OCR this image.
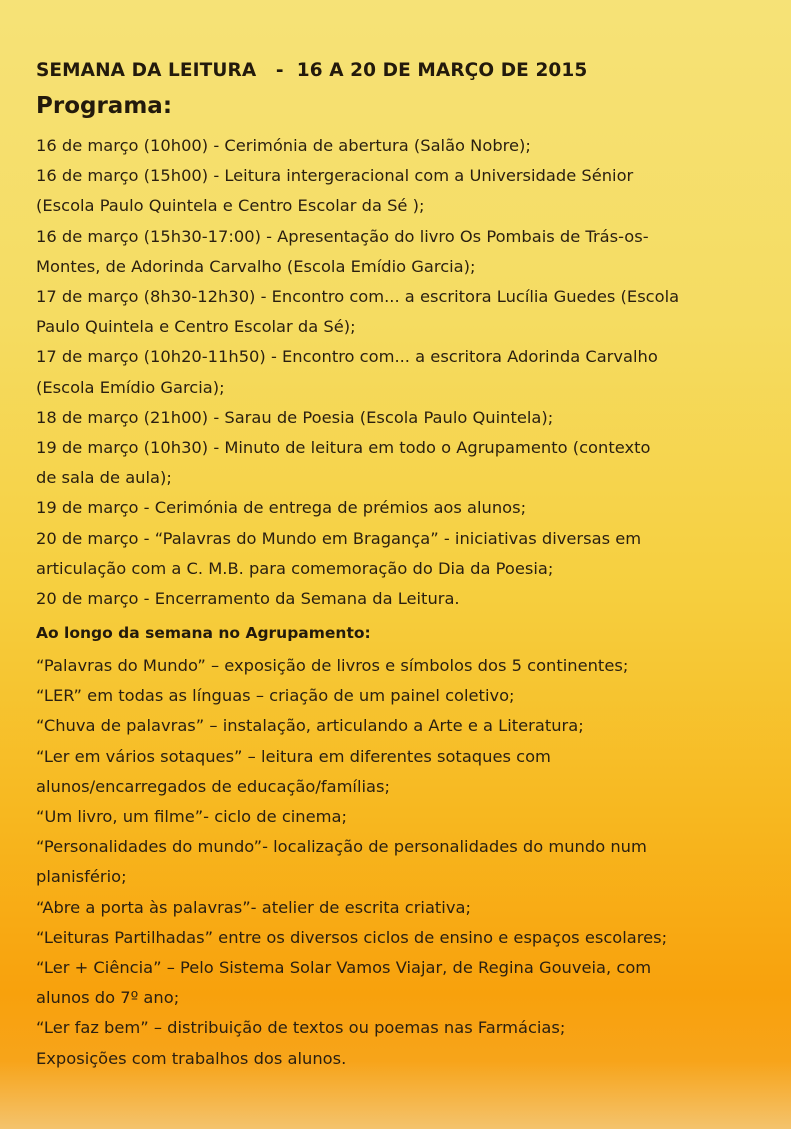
SEMANA DA LEITURA   -  16 A 20 DE MARÇO DE 2015
Programa:
16 de março (10h00) - Cerimónia de abertura (Salão Nobre);
16 de março (15h00) - Leitura intergeracional com a Universidade Sénior
(Escola Paulo Quintela e Centro Escolar da Sé );
16 de março (15h30-17:00) - Apresentação do livro Os Pombais de Trás-os-
Montes, de Adorinda Carvalho (Escola Emídio Garcia);
17 de março (8h30-12h30) - Encontro com... a escritora Lucília Guedes (Escola
Paulo Quintela e Centro Escolar da Sé);
17 de março (10h20-11h50) - Encontro com... a escritora Adorinda Carvalho
(Escola Emídio Garcia);
18 de março (21h00) - Sarau de Poesia (Escola Paulo Quintela);
19 de março (10h30) - Minuto de leitura em todo o Agrupamento (contexto
de sala de aula);
19 de março - Cerimónia de entrega de prémios aos alunos;
20 de março - “Palavras do Mundo em Bragança” - iniciativas diversas em
articulação com a C. M.B. para comemoração do Dia da Poesia;
20 de março - Encerramento da Semana da Leitura.
Ao longo da semana no Agrupamento:
“Palavras do Mundo” – exposição de livros e símbolos dos 5 continentes;
“LER” em todas as línguas – criação de um painel coletivo;
“Chuva de palavras” – instalação, articulando a Arte e a Literatura;
“Ler em vários sotaques” – leitura em diferentes sotaques com
alunos/encarregados de educação/famílias;
“Um livro, um filme”- ciclo de cinema;
“Personalidades do mundo”- localização de personalidades do mundo num
planisfério;
“Abre a porta às palavras”- atelier de escrita criativa;
“Leituras Partilhadas” entre os diversos ciclos de ensino e espaços escolares;
“Ler + Ciência” – Pelo Sistema Solar Vamos Viajar, de Regina Gouveia, com
alunos do 7º ano;
“Ler faz bem” – distribuição de textos ou poemas nas Farmácias;
Exposições com trabalhos dos alunos.
